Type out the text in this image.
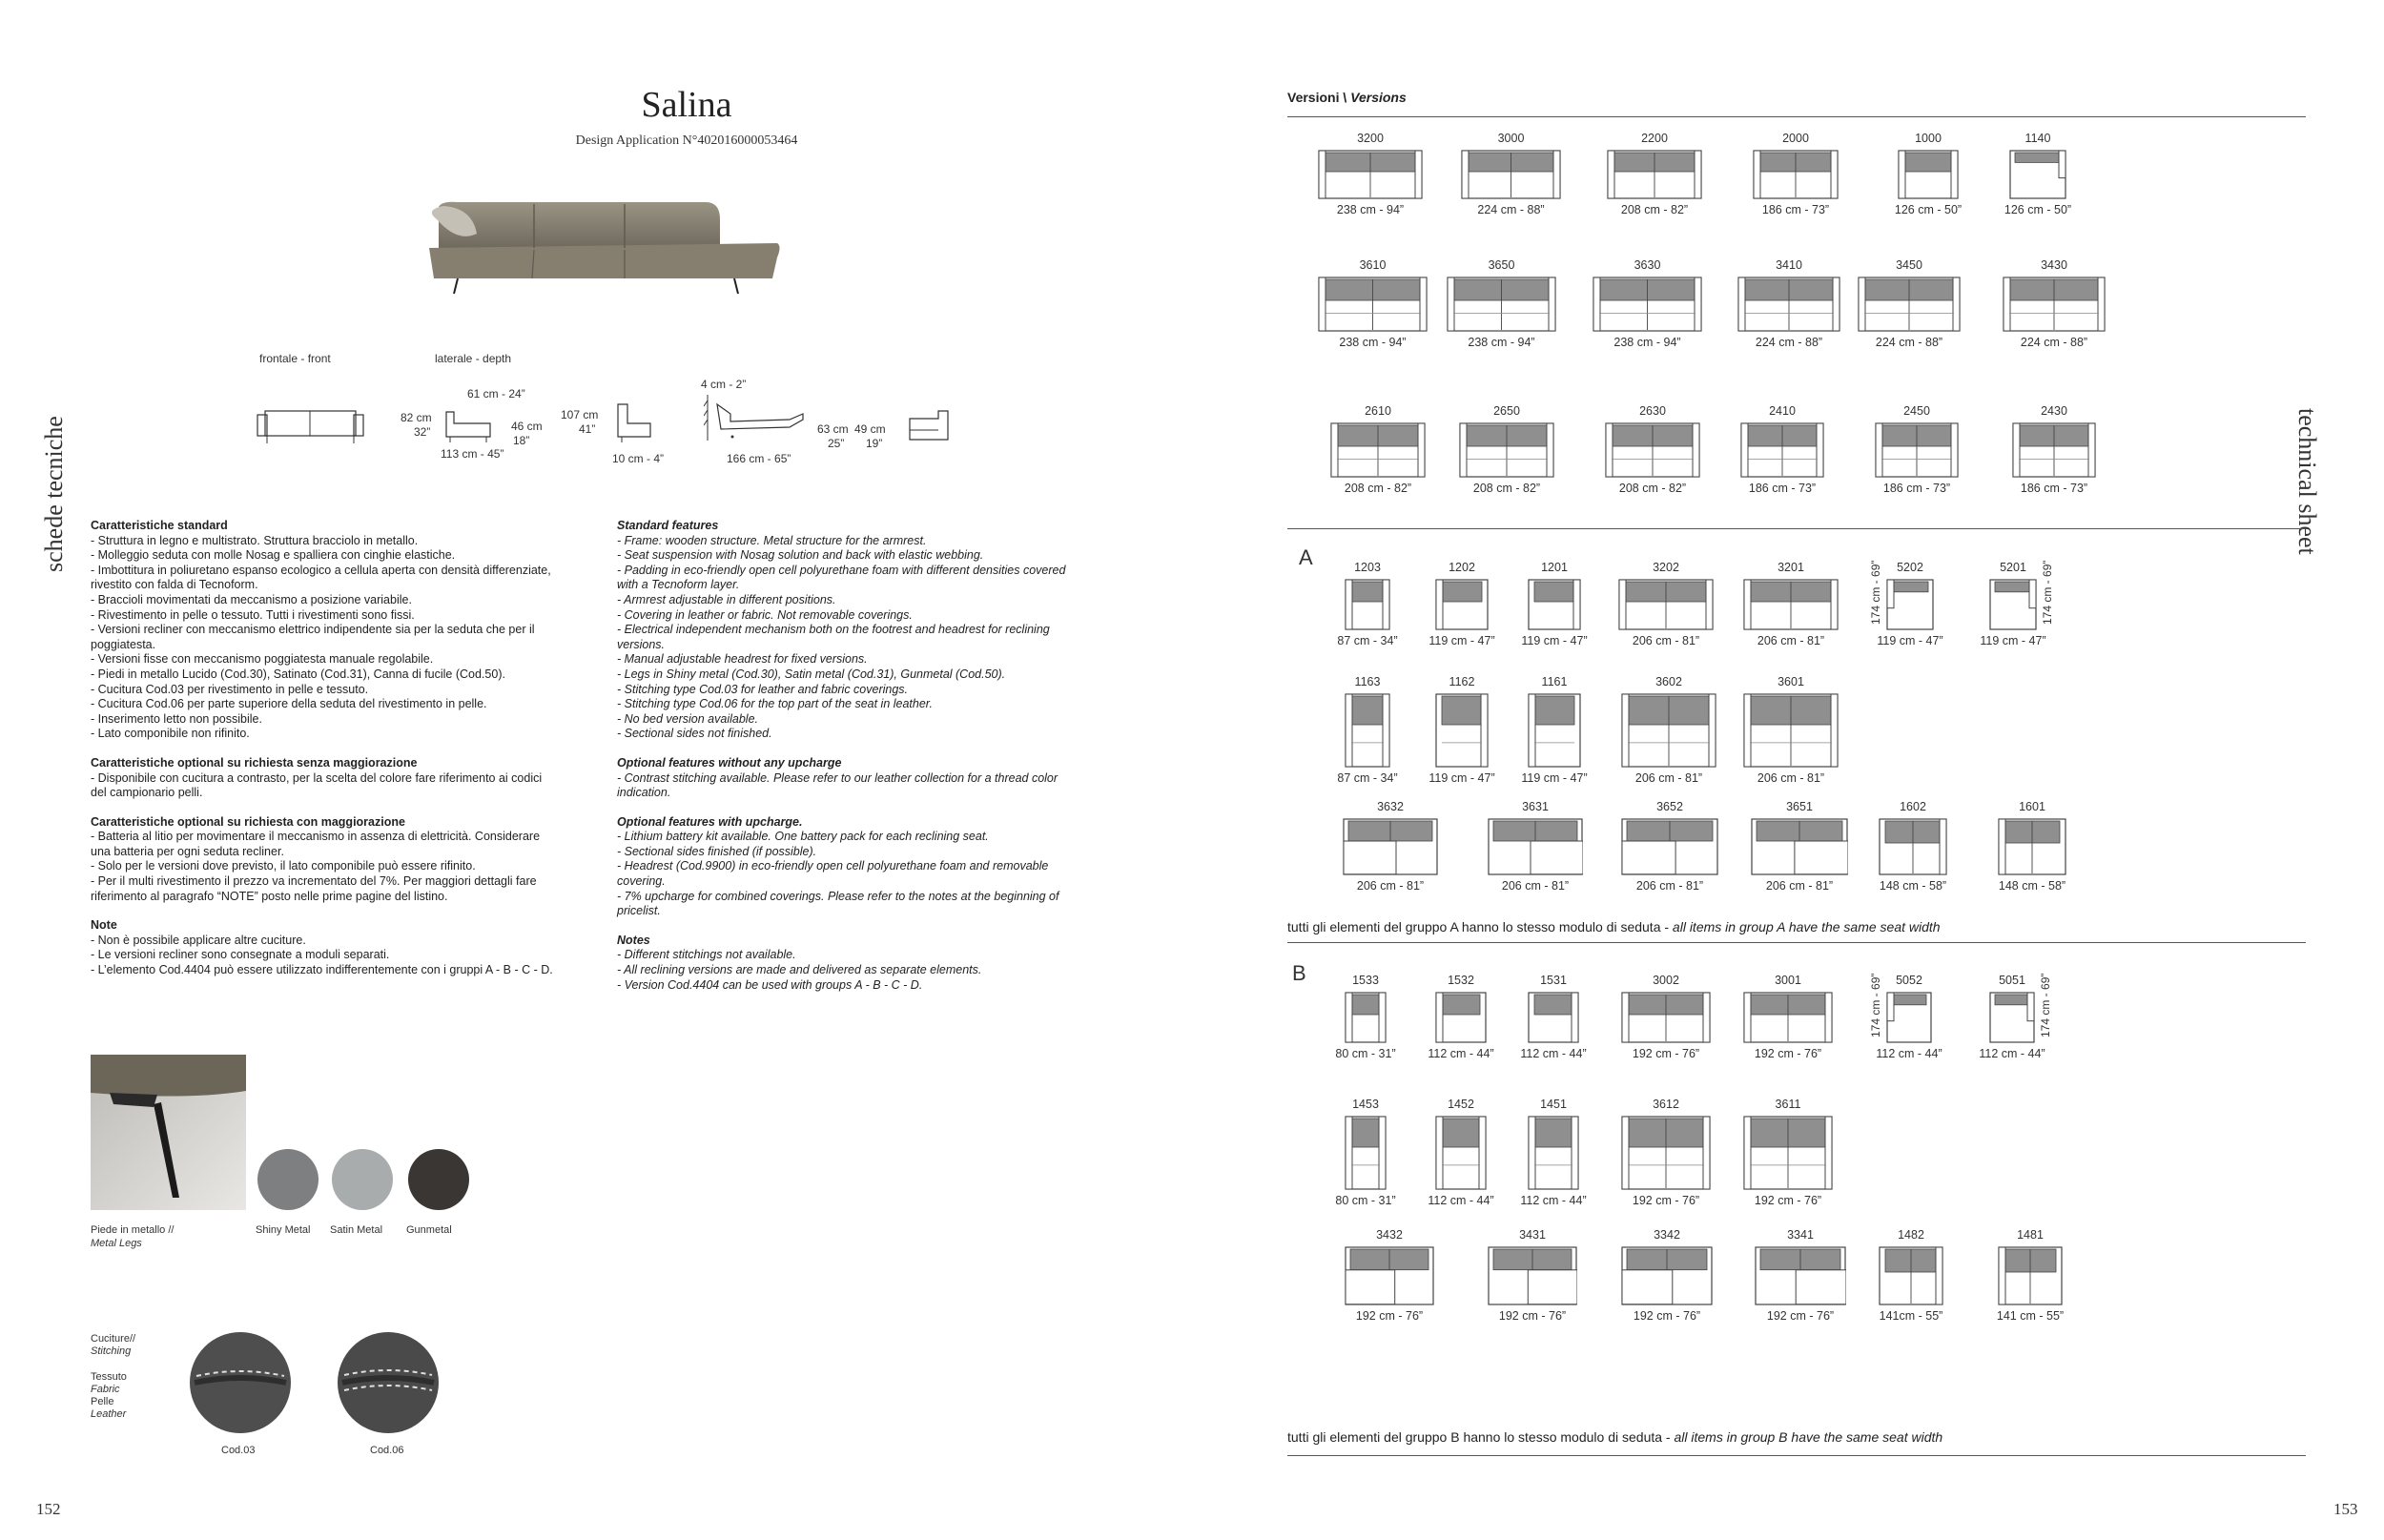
schede tecniche
152
Salina
Design Application N°402016000053464
frontale - front	laterale - depth
61 cm - 24”
82 cm
32”	46 cm
18”
113 cm - 45”
107 cm
41”
10 cm - 4”
4 cm - 2”
166 cm - 65”
63 cm
25”
49 cm
19”

Caratteristiche standard

- Struttura in legno e multistrato. Struttura bracciolo in metallo.

- Molleggio seduta con molle Nosag e spalliera con cinghie elastiche.

- Imbottitura in poliuretano espanso ecologico a cellula aperta con densità differenziate,

rivestito con falda di Tecnoform.

- Braccioli movimentati da meccanismo a posizione variabile.

- Rivestimento in pelle o tessuto. Tutti i rivestimenti sono fissi.

- Versioni recliner con meccanismo elettrico indipendente sia per la seduta che per il

poggiatesta.

- Versioni fisse con meccanismo poggiatesta manuale regolabile.

- Piedi in metallo Lucido (Cod.30), Satinato (Cod.31), Canna di fucile (Cod.50).

- Cucitura Cod.03 per rivestimento in pelle e tessuto.

- Cucitura Cod.06 per parte superiore della seduta del rivestimento in pelle.

- Inserimento letto non possibile.

- Lato componibile non rifinito.

Caratteristiche optional su richiesta senza maggiorazione

- Disponibile con cucitura a contrasto, per la scelta del colore fare riferimento ai codici

del campionario pelli.

Caratteristiche optional su richiesta con maggiorazione

- Batteria al litio per movimentare il meccanismo in assenza di elettricità. Considerare

una batteria per ogni seduta recliner.

- Solo per le versioni dove previsto, il lato componibile può essere rifinito.

- Per il multi rivestimento il prezzo va incrementato del 7%. Per maggiori dettagli fare

riferimento al paragrafo “NOTE” posto nelle prime pagine del listino.

Note

- Non è possibile applicare altre cuciture.

- Le versioni recliner sono consegnate a moduli separati.

- L’elemento Cod.4404 può essere utilizzato indifferentemente con i gruppi A - B - C - D.

Standard features

- Frame: wooden structure. Metal structure for the armrest.

- Seat suspension with Nosag solution and back with elastic webbing.

- Padding in eco-friendly open cell polyurethane foam with different densities covered

with a Tecnoform layer.

- Armrest adjustable in different positions.

- Covering in leather or fabric. Not removable coverings.

- Electrical independent mechanism both on the footrest and headrest for reclining

versions.

- Manual adjustable headrest for fixed versions.

- Legs in Shiny metal (Cod.30), Satin metal (Cod.31), Gunmetal (Cod.50).

- Stitching type Cod.03 for leather and fabric coverings.

- Stitching type Cod.06 for the top part of the seat in leather.

- No bed version available.

- Sectional sides not finished.

Optional features without any upcharge

- Contrast stitching available. Please refer to our leather collection for a thread color

indication.

Optional features with upcharge.

- Lithium battery kit available. One battery pack for each reclining seat.

- Sectional sides finished (if possible).

- Headrest (Cod.9900) in eco-friendly open cell polyurethane foam and removable

covering.

- 7% upcharge for combined coverings. Please refer to the notes at the beginning of

pricelist.

Notes

- Different stitchings not available.

- All reclining versions are made and delivered as separate elements.

- Version Cod.4404 can be used with groups A - B - C - D.

Piede in metallo //
Metal Legs
Shiny Metal Satin Metal Gunmetal
Cuciture//
Stitching
Tessuto
Fabric
Pelle
Leather
Cod.03	Cod.06
technical sheet
153
Versioni \ Versions
A
B
tutti gli elementi del gruppo A hanno lo stesso modulo di seduta - all items in group A have the same seat width
tutti gli elementi del gruppo B hanno lo stesso modulo di seduta - all items in group B have the same seat width
3200
238 cm - 94”
3000
224 cm - 88”
2200
208 cm - 82”
2000
186 cm - 73”
1000
126 cm - 50”
1140
126 cm - 50”
3610
238 cm - 94”
3650
238 cm - 94”
3630
238 cm - 94”
3410
224 cm - 88”
3450
224 cm - 88”
3430
224 cm - 88”
2610
208 cm - 82”
2650
208 cm - 82”
2630
208 cm - 82”
2410
186 cm - 73”
2450
186 cm - 73”
2430
186 cm - 73”
1203
87 cm - 34”
1202
119 cm - 47”
1201
119 cm - 47”
3202
206 cm - 81”
3201
206 cm - 81”
5202
119 cm - 47”
174 cm - 69”	5201
119 cm - 47”
174 cm - 69”
1163
87 cm - 34”
1162
119 cm - 47”
1161
119 cm - 47”
3602
206 cm - 81”
3601
206 cm - 81”
3632
206 cm - 81”
3631
206 cm - 81”
3652
206 cm - 81”
3651
206 cm - 81”
1602
148 cm - 58”
1601
148 cm - 58”
1533
80 cm - 31”
1532
112 cm - 44”
1531
112 cm - 44”
3002
192 cm - 76”
3001
192 cm - 76”
5052
112 cm - 44”
174 cm - 69”	5051
112 cm - 44”
174 cm - 69”
1453
80 cm - 31”
1452
112 cm - 44”
1451
112 cm - 44”
3612
192 cm - 76”
3611
192 cm - 76”
3432
192 cm - 76”
3431
192 cm - 76”
3342
192 cm - 76”
3341
192 cm - 76”
1482
141cm - 55”
1481
141 cm - 55”
